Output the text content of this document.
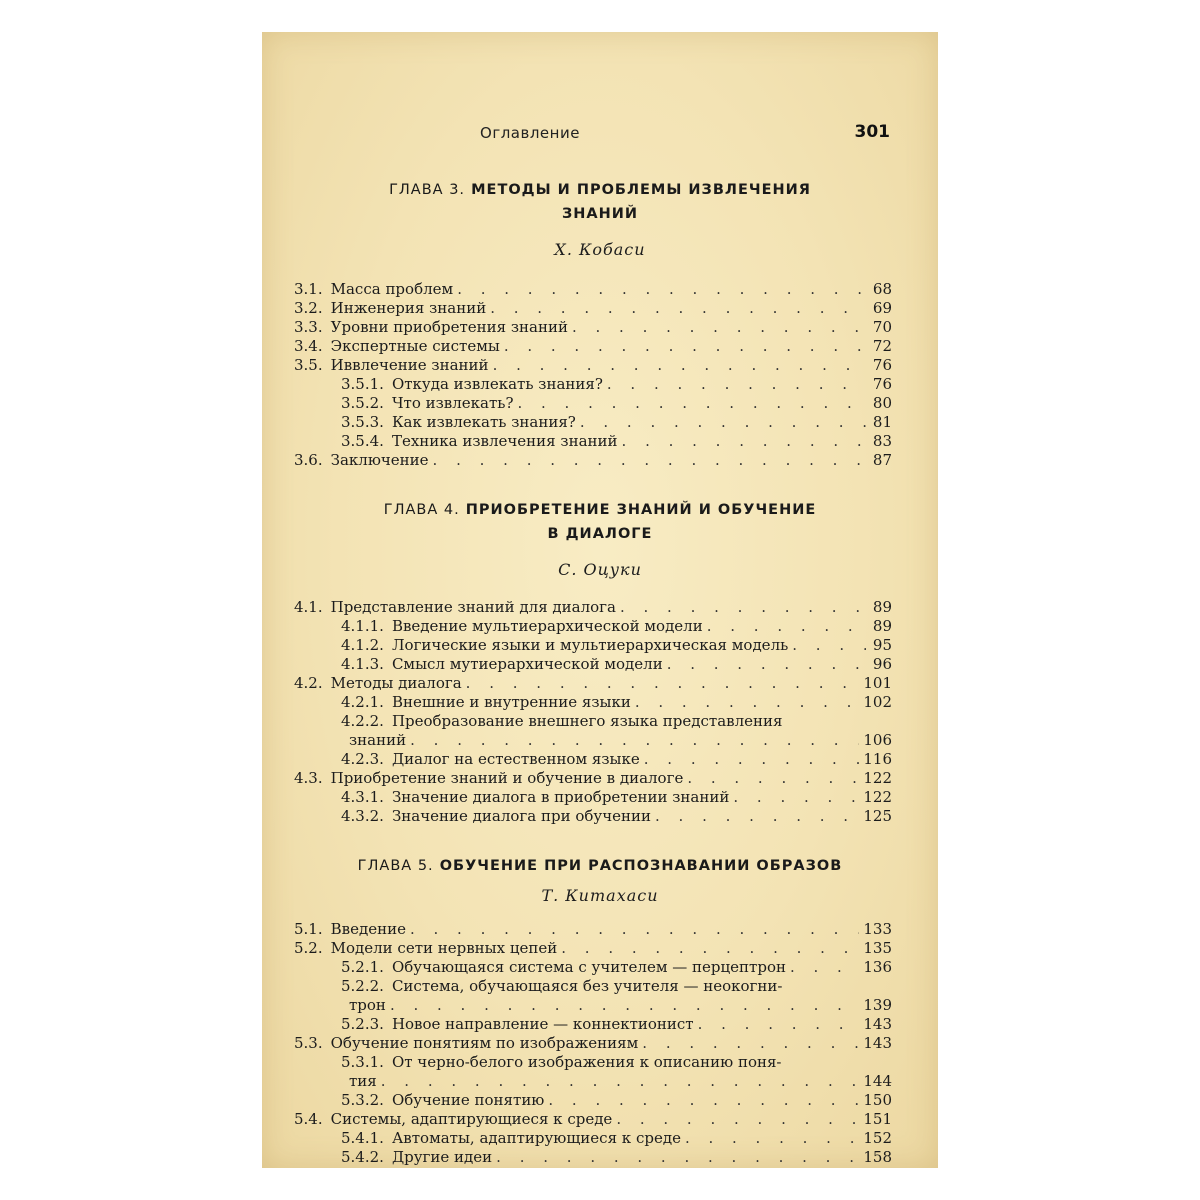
Оглавление	301
ГЛАВА 3. МЕТОДЫ И ПРОБЛЕМЫ ИЗВЛЕЧЕНИЯ
ЗНАНИЙ
Х. Кобаси
3.1. Масса проблем . . .	68
3.2. Инженерия знаний . . .	69
3.3. Уровни приобретения знаний . . .	70
3.4. Экспертные системы . . .	72
3.5. Иввлечение знаний . . .	76
3.5.1. Откуда извлекать знания? . . .	76
3.5.2. Что извлекать? . . .	80
3.5.3. Как извлекать знания? . . .	81
3.5.4. Техника извлечения знаний . . .	83
3.6. Заключение . . .	87
ГЛАВА 4. ПРИОБРЕТЕНИЕ ЗНАНИЙ И ОБУЧЕНИЕ
В ДИАЛОГЕ
С. Оцуки
4.1. Представление знаний для диалога . . .	89
4.1.1. Введение мультиерархической модели . . .	89
4.1.2. Логические языки и мультиерархическая модель . . .	95
4.1.3. Смысл мутиерархической модели . . .	96
4.2. Методы диалога . . .	101
4.2.1. Внешние и внутренние языки . . .	102
4.2.2. Преобразование внешнего языка представления
знаний . . .	106
4.2.3. Диалог на естественном языке . . .	116
4.3. Приобретение знаний и обучение в диалоге . . .	122
4.3.1. Значение диалога в приобретении знаний . . .	122
4.3.2. Значение диалога при обучении . . .	125
ГЛАВА 5. ОБУЧЕНИЕ ПРИ РАСПОЗНАВАНИИ ОБРАЗОВ
Т. Китахаси
5.1. Введение . . .	133
5.2. Модели сети нервных цепей . . .	135
5.2.1. Обучающаяся система с учителем — перцептрон . . .	136
5.2.2. Система, обучающаяся без учителя — неокогни-
трон . . .	139
5.2.3. Новое направление — коннектионист . . .	143
5.3. Обучение понятиям по изображениям . . .	143
5.3.1. От черно-белого изображения к описанию поня-
тия . . .	144
5.3.2. Обучение понятию . . .	150
5.4. Системы, адаптирующиеся к среде . . .	151
5.4.1. Автоматы, адаптирующиеся к среде . . .	152
5.4.2. Другие идеи . . .	158
